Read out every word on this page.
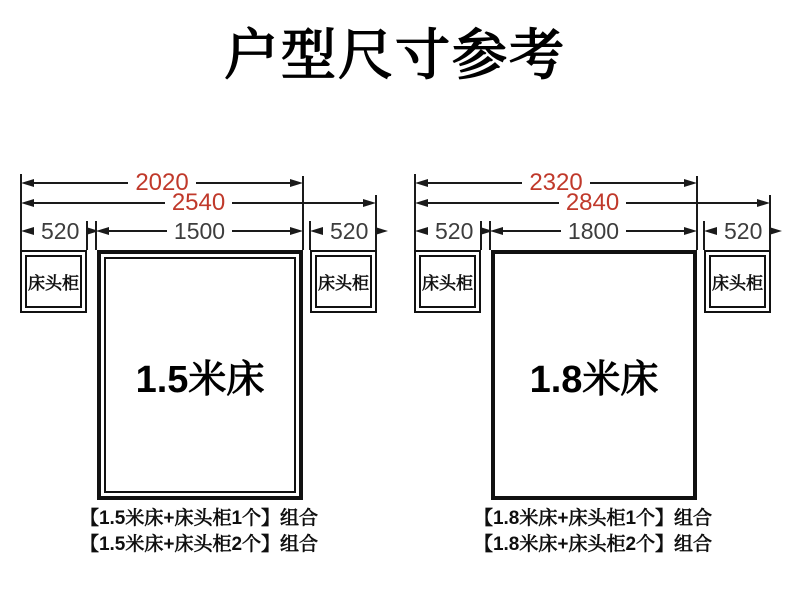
户型尺寸参考
2020
2540
520	1500	520
床头柜
1.5米床
床头柜
【1.5米床+床头柜1个】组合
【1.5米床+床头柜2个】组合
2320
2840
520	1800	520
床头柜
1.8米床
床头柜
【1.8米床+床头柜1个】组合
【1.8米床+床头柜2个】组合
